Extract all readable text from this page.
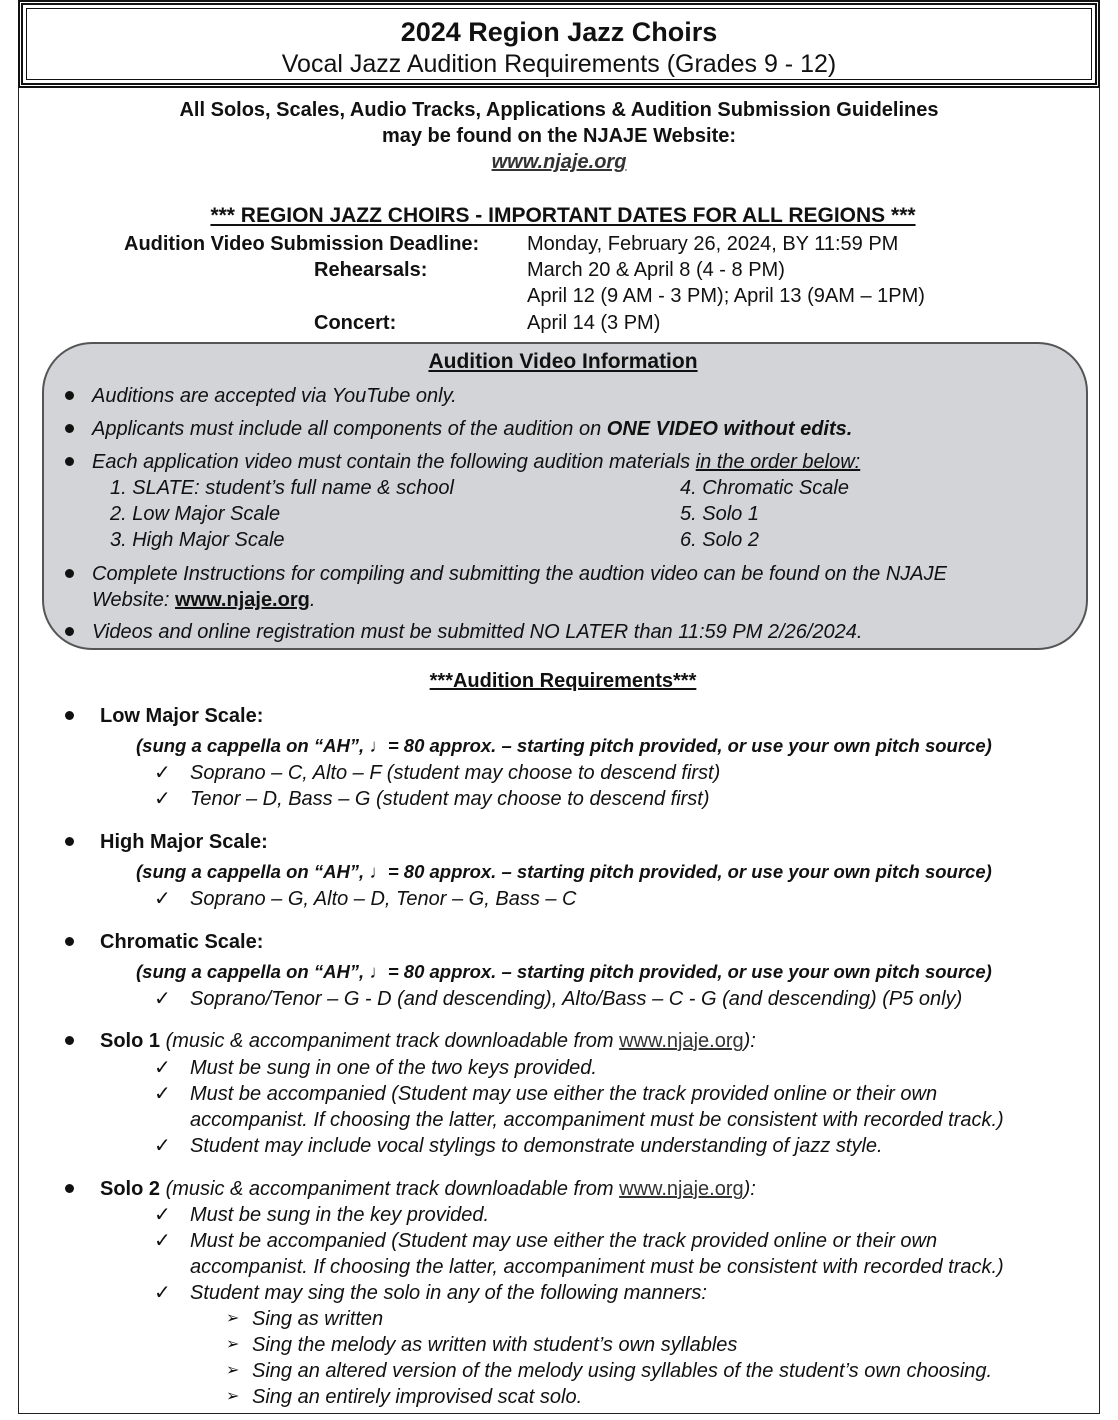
2024 Region Jazz Choirs
Vocal Jazz Audition Requirements (Grades 9 - 12)
All Solos, Scales, Audio Tracks, Applications & Audition Submission Guidelines
may be found on the NJAJE Website:
www.njaje.org
*** REGION JAZZ CHOIRS - IMPORTANT DATES FOR ALL REGIONS ***
Audition Video Submission Deadline: Monday, February 26, 2024, BY 11:59 PM
Rehearsals:	March 20 & April 8 (4 - 8 PM)
April 12 (9 AM - 3 PM); April 13 (9AM – 1PM)
Concert:	April 14 (3 PM)
Audition Video Information
Auditions are accepted via YouTube only.
Applicants must include all components of the audition on ONE VIDEO without edits.
Each application video must contain the following audition materials in the order below:
1. SLATE: student’s full name & school
2. Low Major Scale
3. High Major Scale
4. Chromatic Scale
5. Solo 1
6. Solo 2
Complete Instructions for compiling and submitting the audtion video can be found on the NJAJE
Website: www.njaje.org.
Videos and online registration must be submitted NO LATER than 11:59 PM 2/26/2024.
***Audition Requirements***
Low Major Scale:
(sung a cappella on “AH”, ♩= 80 approx. – starting pitch provided, or use your own pitch source)
✓ Soprano – C, Alto – F (student may choose to descend first)
✓ Tenor – D, Bass – G (student may choose to descend first)
High Major Scale:
(sung a cappella on “AH”, ♩= 80 approx. – starting pitch provided, or use your own pitch source)
✓ Soprano – G, Alto – D, Tenor – G, Bass – C
Chromatic Scale:
(sung a cappella on “AH”, ♩= 80 approx. – starting pitch provided, or use your own pitch source)
✓ Soprano/Tenor – G - D (and descending), Alto/Bass – C - G (and descending) (P5 only)
Solo 1 (music & accompaniment track downloadable from www.njaje.org):
✓ Must be sung in one of the two keys provided.
✓ Must be accompanied (Student may use either the track provided online or their own
accompanist. If choosing the latter, accompaniment must be consistent with recorded track.)
✓ Student may include vocal stylings to demonstrate understanding of jazz style.
Solo 2 (music & accompaniment track downloadable from www.njaje.org):
✓ Must be sung in the key provided.
✓ Must be accompanied (Student may use either the track provided online or their own
accompanist. If choosing the latter, accompaniment must be consistent with recorded track.)
✓ Student may sing the solo in any of the following manners:
➢ Sing as written
➢ Sing the melody as written with student’s own syllables
➢ Sing an altered version of the melody using syllables of the student’s own choosing.
➢ Sing an entirely improvised scat solo.
